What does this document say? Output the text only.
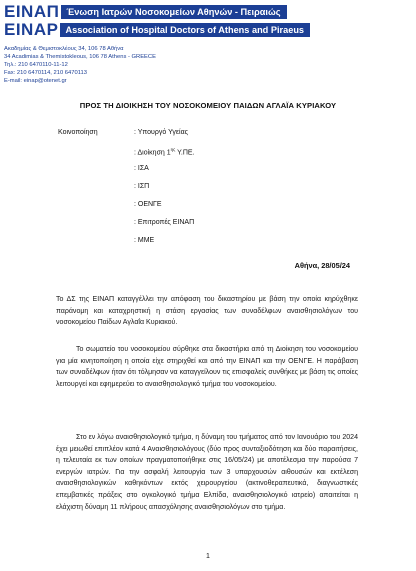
ΕΙΝΑΠ Ένωση Ιατρών Νοσοκομείων Αθηνών - Πειραιώς
EINAP Association of Hospital Doctors of Athens and Piraeus
Ακαδημίας & Θεμιστοκλέους 34, 106 78 Αθήνα
34 Acadimias & Themistokleous, 106 78 Athens - GREECE
Τηλ.: 210 6470110-11-12
Fax: 210 6470114, 210 6470113
E-mail: einap@otenet.gr
ΠΡΟΣ ΤΗ ΔΙΟΙΚΗΣΗ ΤΟΥ ΝΟΣΟΚΟΜΕΙΟΥ ΠΑΙΔΩΝ ΑΓΛΑΪΑ ΚΥΡΙΑΚΟΥ
Κοινοποίηση	: Υπουργό Υγείας
: Διοίκηση $1^{\eta\varsigma}$ Υ.ΠΕ.
: ΙΣΑ
: ΙΣΠ
: ΟΕΝΓΕ
: Επιτροπές ΕΙΝΑΠ
: ΜΜΕ
Αθήνα, 28/05/24
Το ΔΣ της ΕΙΝΑΠ καταγγέλλει την απόφαση του δικαστηρίου με βάση την οποία κηρύχθηκε παράνομη και καταχρηστική η στάση εργασίας των συναδέλφων αναισθησιολόγων του νοσοκομείου Παίδων Αγλαΐα Κυριακού.
Το σωματείο του νοσοκομείου σύρθηκε στα δικαστήρια από τη Διοίκηση του νοσοκομείου για μία κινητοποίηση η οποία είχε στηριχθεί και από την ΕΙΝΑΠ και την ΟΕΝΓΕ. Η παράβαση των συναδέλφων ήταν ότι τόλμησαν να καταγγείλουν τις επισφαλείς συνθήκες με βάση τις οποίες λειτουργεί και εφημερεύει το αναισθησιολογικό τμήμα του νοσοκομείου.
Στο εν λόγω αναισθησιολογικό τμήμα, η δύναμη του τμήματος από τον Ιανουάριο του 2024 έχει μειωθεί επιπλέον κατά 4 Αναισθησιολόγους (δύο προς συνταξιοδότηση και δύο παραιτήσεις, η τελευταία εκ των οποίων πραγματοποιήθηκε στις 16/05/24) με αποτέλεσμα την παρούσα 7 ενεργών ιατρών. Για την ασφαλή λειτουργία των 3 υπαρχουσών αιθουσών και εκτέλεση αναισθησιολογικών καθηκόντων εκτός χειρουργείου (ακτινοθεραπευτικά, διαγνωστικές επεμβατικές πράξεις στο ογκολογικό τμήμα Ελπίδα, αναισθησιολογικό ιατρείο) απαιτείται η ελάχιστη δύναμη 11 πλήρους απασχόλησης αναισθησιολόγων στο τμήμα.
1
